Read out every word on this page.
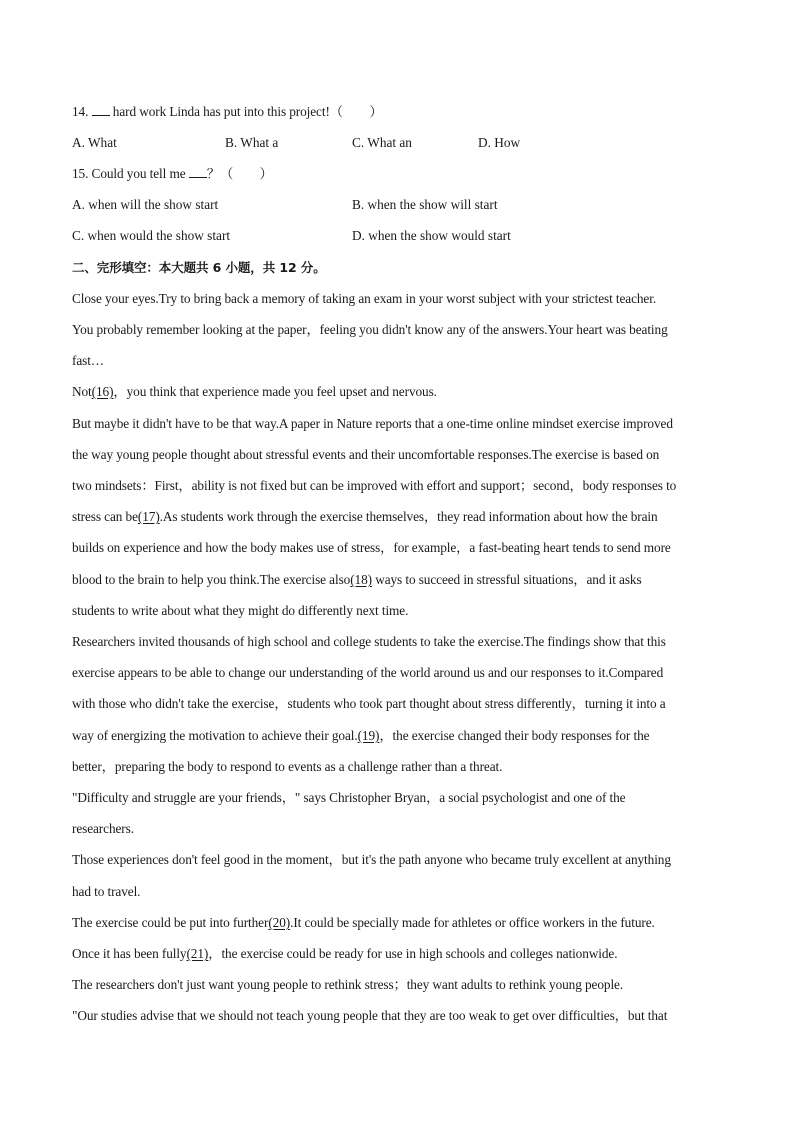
14.  hard work Linda has put into this project!（　　）
A. What	B. What a	C. What an	D. How
15. Could you tell me ？（　　）
A. when will the show start	B. when the show will start
C. when would the show start	D. when the show would start
二、完形填空：本大题共 6 小题，共 12 分。
Close your eyes.Try to bring back a memory of taking an exam in your worst subject with your strictest teacher.
You probably remember looking at the paper，feeling you didn't know any of the answers.Your heart was beating
fast…
Not(16)，you think that experience made you feel upset and nervous.
But maybe it didn't have to be that way.A paper in Nature reports that a one-time online mindset exercise improved
the way young people thought about stressful events and their uncomfortable responses.The exercise is based on
two mindsets：First，ability is not fixed but can be improved with effort and support；second，body responses to
stress can be(17).As students work through the exercise themselves，they read information about how the brain
builds on experience and how the body makes use of stress，for example，a fast-beating heart tends to send more
blood to the brain to help you think.The exercise also(18) ways to succeed in stressful situations，and it asks
students to write about what they might do differently next time.
Researchers invited thousands of high school and college students to take the exercise.The findings show that this
exercise appears to be able to change our understanding of the world around us and our responses to it.Compared
with those who didn't take the exercise，students who took part thought about stress differently，turning it into a
way of energizing the motivation to achieve their goal.(19)，the exercise changed their body responses for the
better，preparing the body to respond to events as a challenge rather than a threat.
"Difficulty and struggle are your friends，" says Christopher Bryan，a social psychologist and one of the
researchers.
Those experiences don't feel good in the moment，but it's the path anyone who became truly excellent at anything
had to travel.
The exercise could be put into further(20).It could be specially made for athletes or office workers in the future.
Once it has been fully(21)，the exercise could be ready for use in high schools and colleges nationwide.
The researchers don't just want young people to rethink stress；they want adults to rethink young people.
"Our studies advise that we should not teach young people that they are too weak to get over difficulties，but that
